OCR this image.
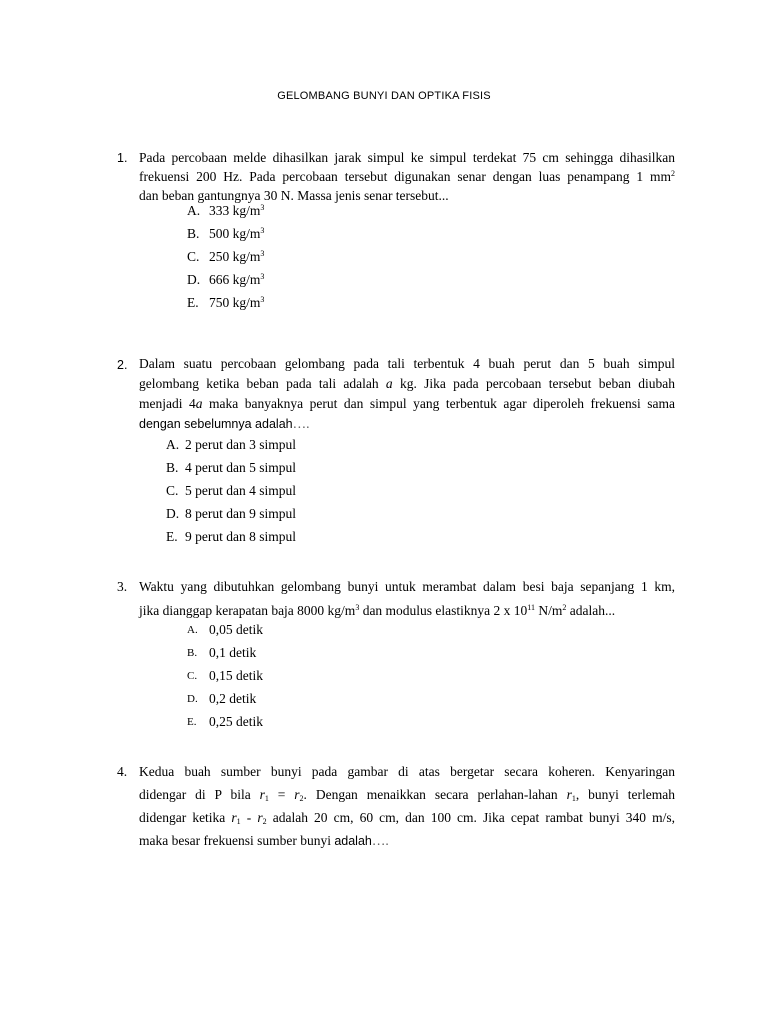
GELOMBANG BUNYI DAN OPTIKA FISIS
1. Pada percobaan melde dihasilkan jarak simpul ke simpul terdekat 75 cm sehingga dihasilkan
frekuensi 200 Hz. Pada percobaan tersebut digunakan senar dengan luas penampang 1 $mm^2$
dan beban gantungnya 30 N. Massa jenis senar tersebut...
A. 333 $kg/m^3$
B. 500 $kg/m^3$
C. 250 $kg/m^3$
D. 666 $kg/m^3$
E. 750 $kg/m^3$
2. Dalam suatu percobaan gelombang pada tali terbentuk 4 buah perut dan 5 buah simpul
gelombang ketika beban pada tali adalah a kg. Jika pada percobaan tersebut beban diubah
menjadi 4a maka banyaknya perut dan simpul yang terbentuk agar diperoleh frekuensi sama
dengan sebelumnya adalah….
A. 2 perut dan 3 simpul
B. 4 perut dan 5 simpul
C. 5 perut dan 4 simpul
D. 8 perut dan 9 simpul
E. 9 perut dan 8 simpul
3. Waktu yang dibutuhkan gelombang bunyi untuk merambat dalam besi baja sepanjang 1 km,
jika dianggap kerapatan baja 8000 $kg/m^3$ dan modulus elastiknya 2 x $10^{11}$ $N/m^2$ adalah...
A. 0,05 detik
B. 0,1 detik
C. 0,15 detik
D. 0,2 detik
E. 0,25 detik
4. Kedua buah sumber bunyi pada gambar di atas bergetar secara koheren. Kenyaringan
didengar di P bila $r_1 = r_2$. Dengan menaikkan secara perlahan-lahan $r_1$, bunyi terlemah
didengar ketika $r_1 - r_2$ adalah 20 cm, 60 cm, dan 100 cm. Jika cepat rambat bunyi 340 m/s,
maka besar frekuensi sumber bunyi adalah….
